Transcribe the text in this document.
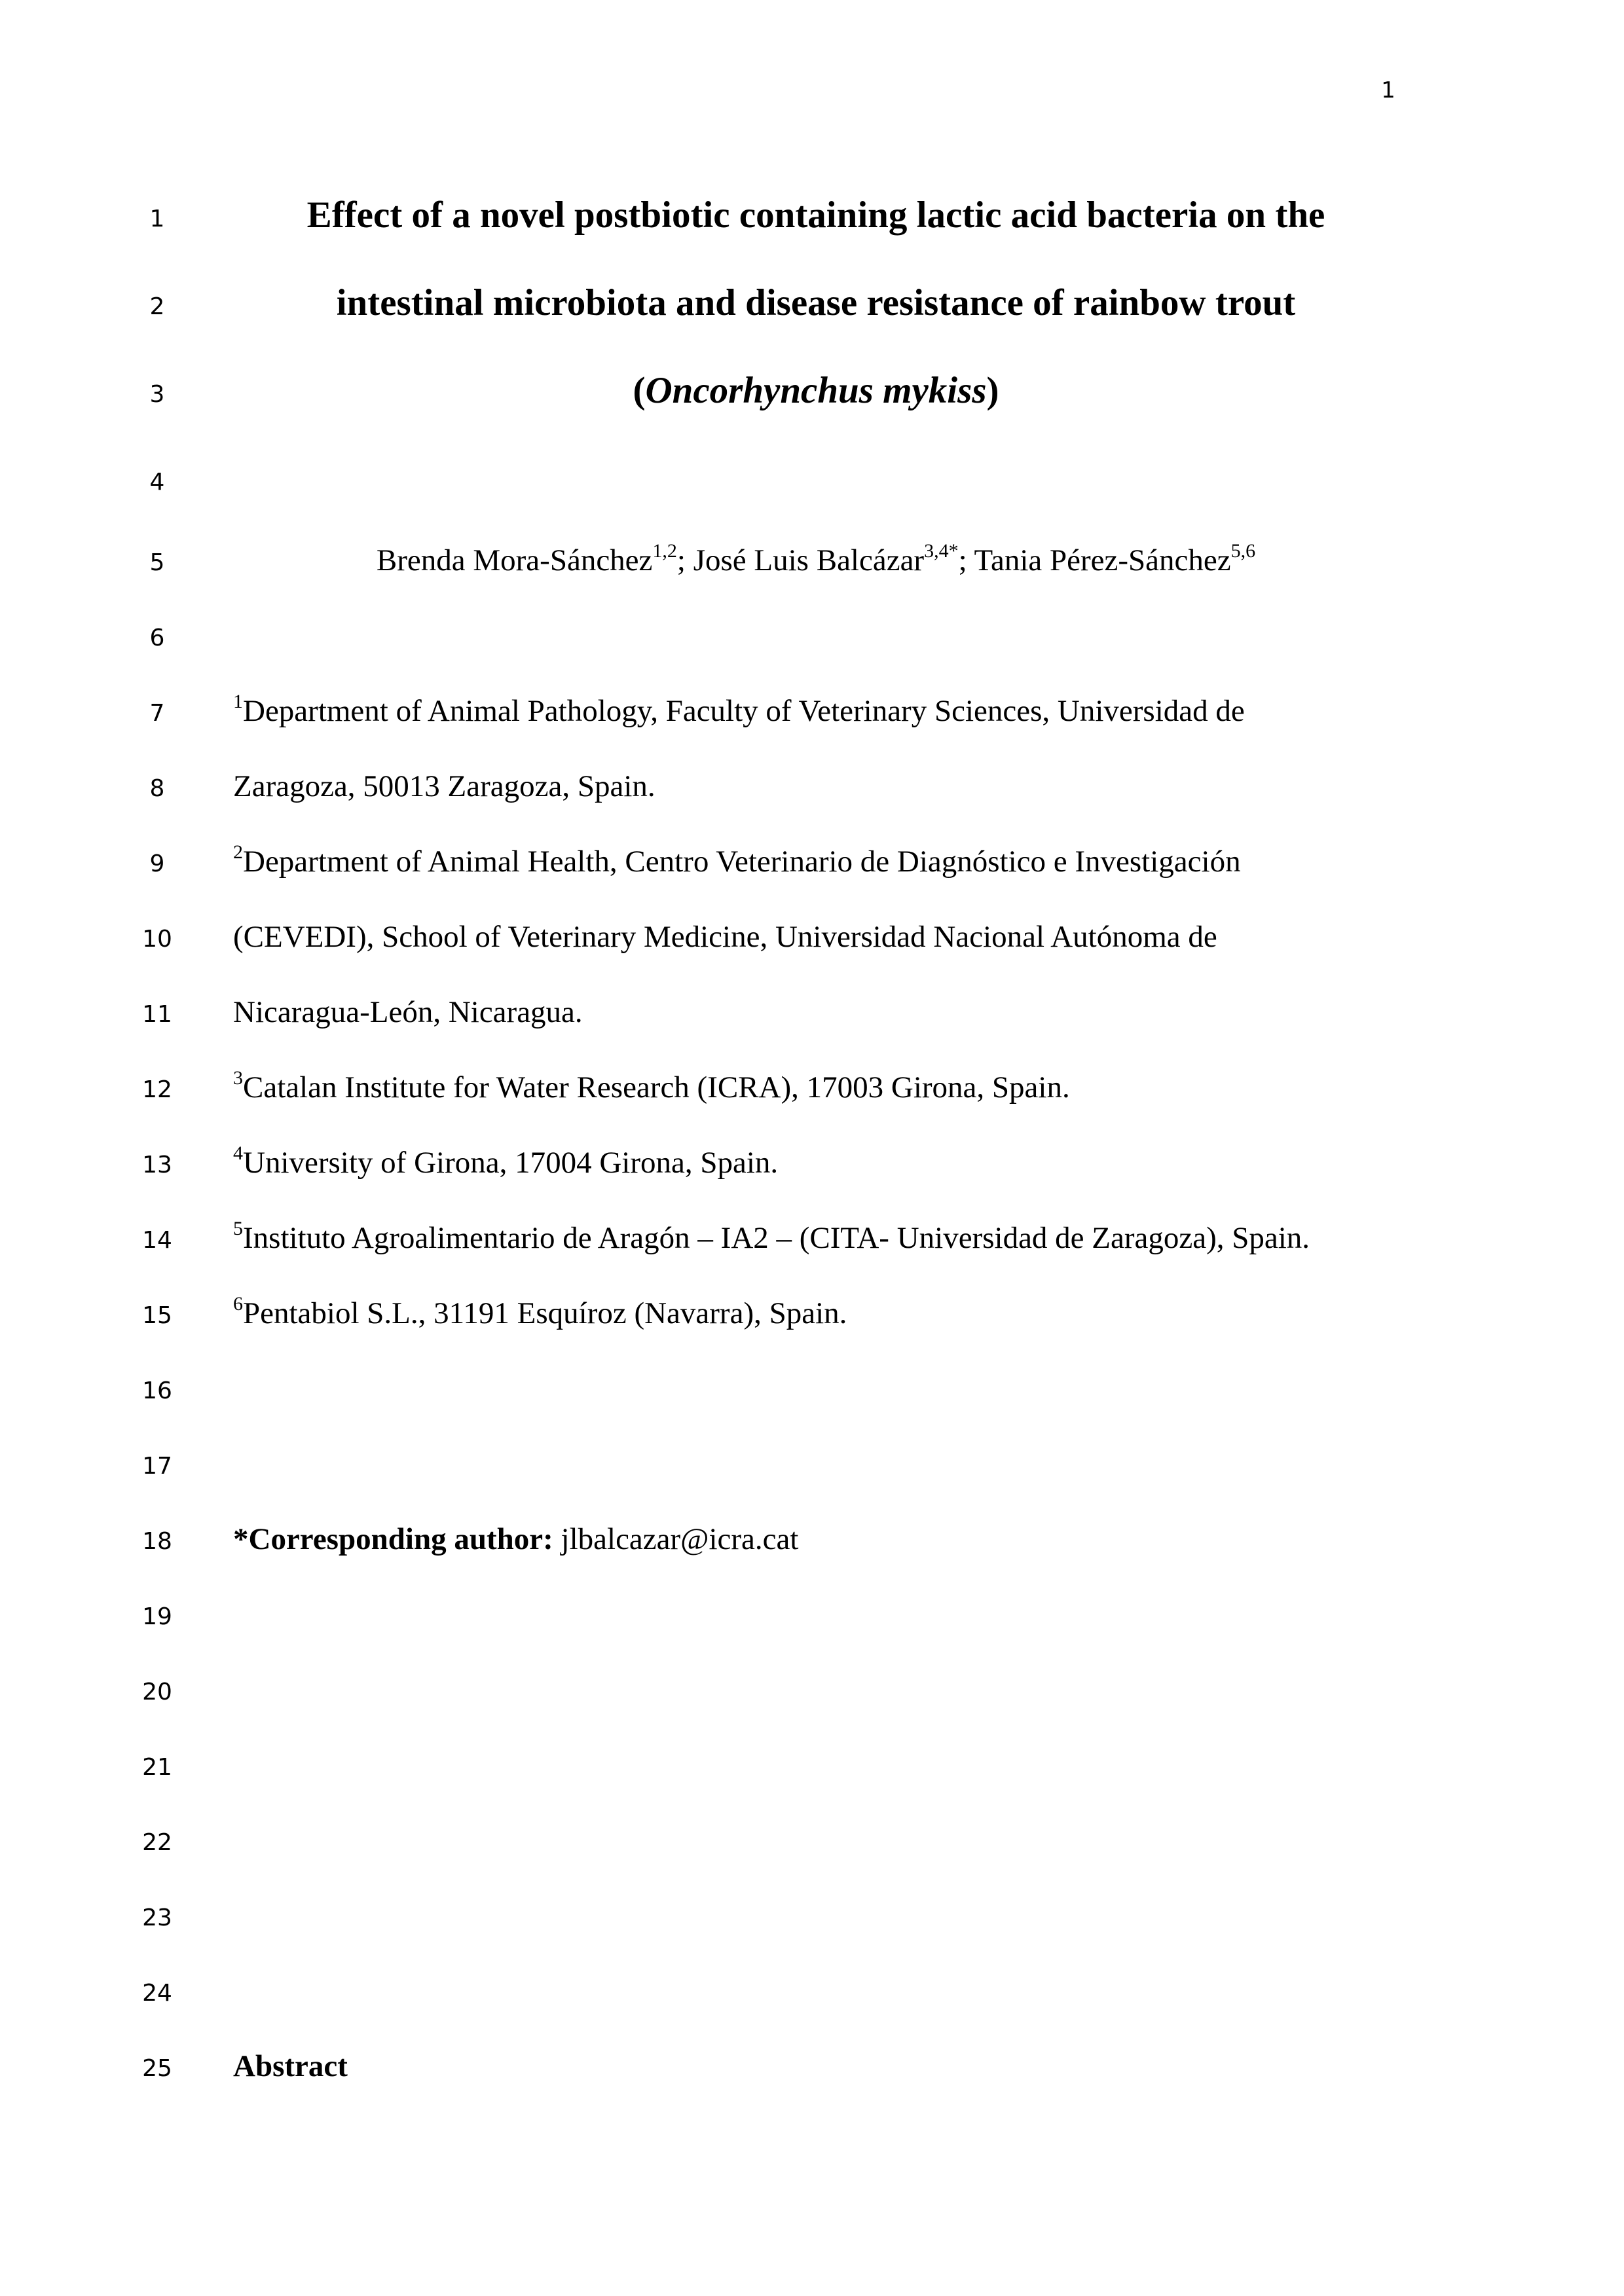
1
1
2
3
4
5
6
7
8
9
10
11
12
13
14
15
16
17
18
19
20
21
22
23
24
25
Effect of a novel postbiotic containing lactic acid bacteria on the
intestinal microbiota and disease resistance of rainbow trout
(Oncorhynchus mykiss)
Brenda Mora-Sánchez$^{1,2}$; José Luis Balcázar$^{3,4*}$; Tania Pérez-Sánchez$^{5,6}$
$^1$Department of Animal Pathology, Faculty of Veterinary Sciences, Universidad de
Zaragoza, 50013 Zaragoza, Spain.
$^2$Department of Animal Health, Centro Veterinario de Diagnóstico e Investigación
(CEVEDI), School of Veterinary Medicine, Universidad Nacional Autónoma de
Nicaragua-León, Nicaragua.
$^3$Catalan Institute for Water Research (ICRA), 17003 Girona, Spain.
$^4$University of Girona, 17004 Girona, Spain.
$^5$Instituto Agroalimentario de Aragón – IA2 – (CITA- Universidad de Zaragoza), Spain.
$^6$Pentabiol S.L., 31191 Esquíroz (Navarra), Spain.
*Corresponding author: jlbalcazar@icra.cat
Abstract
